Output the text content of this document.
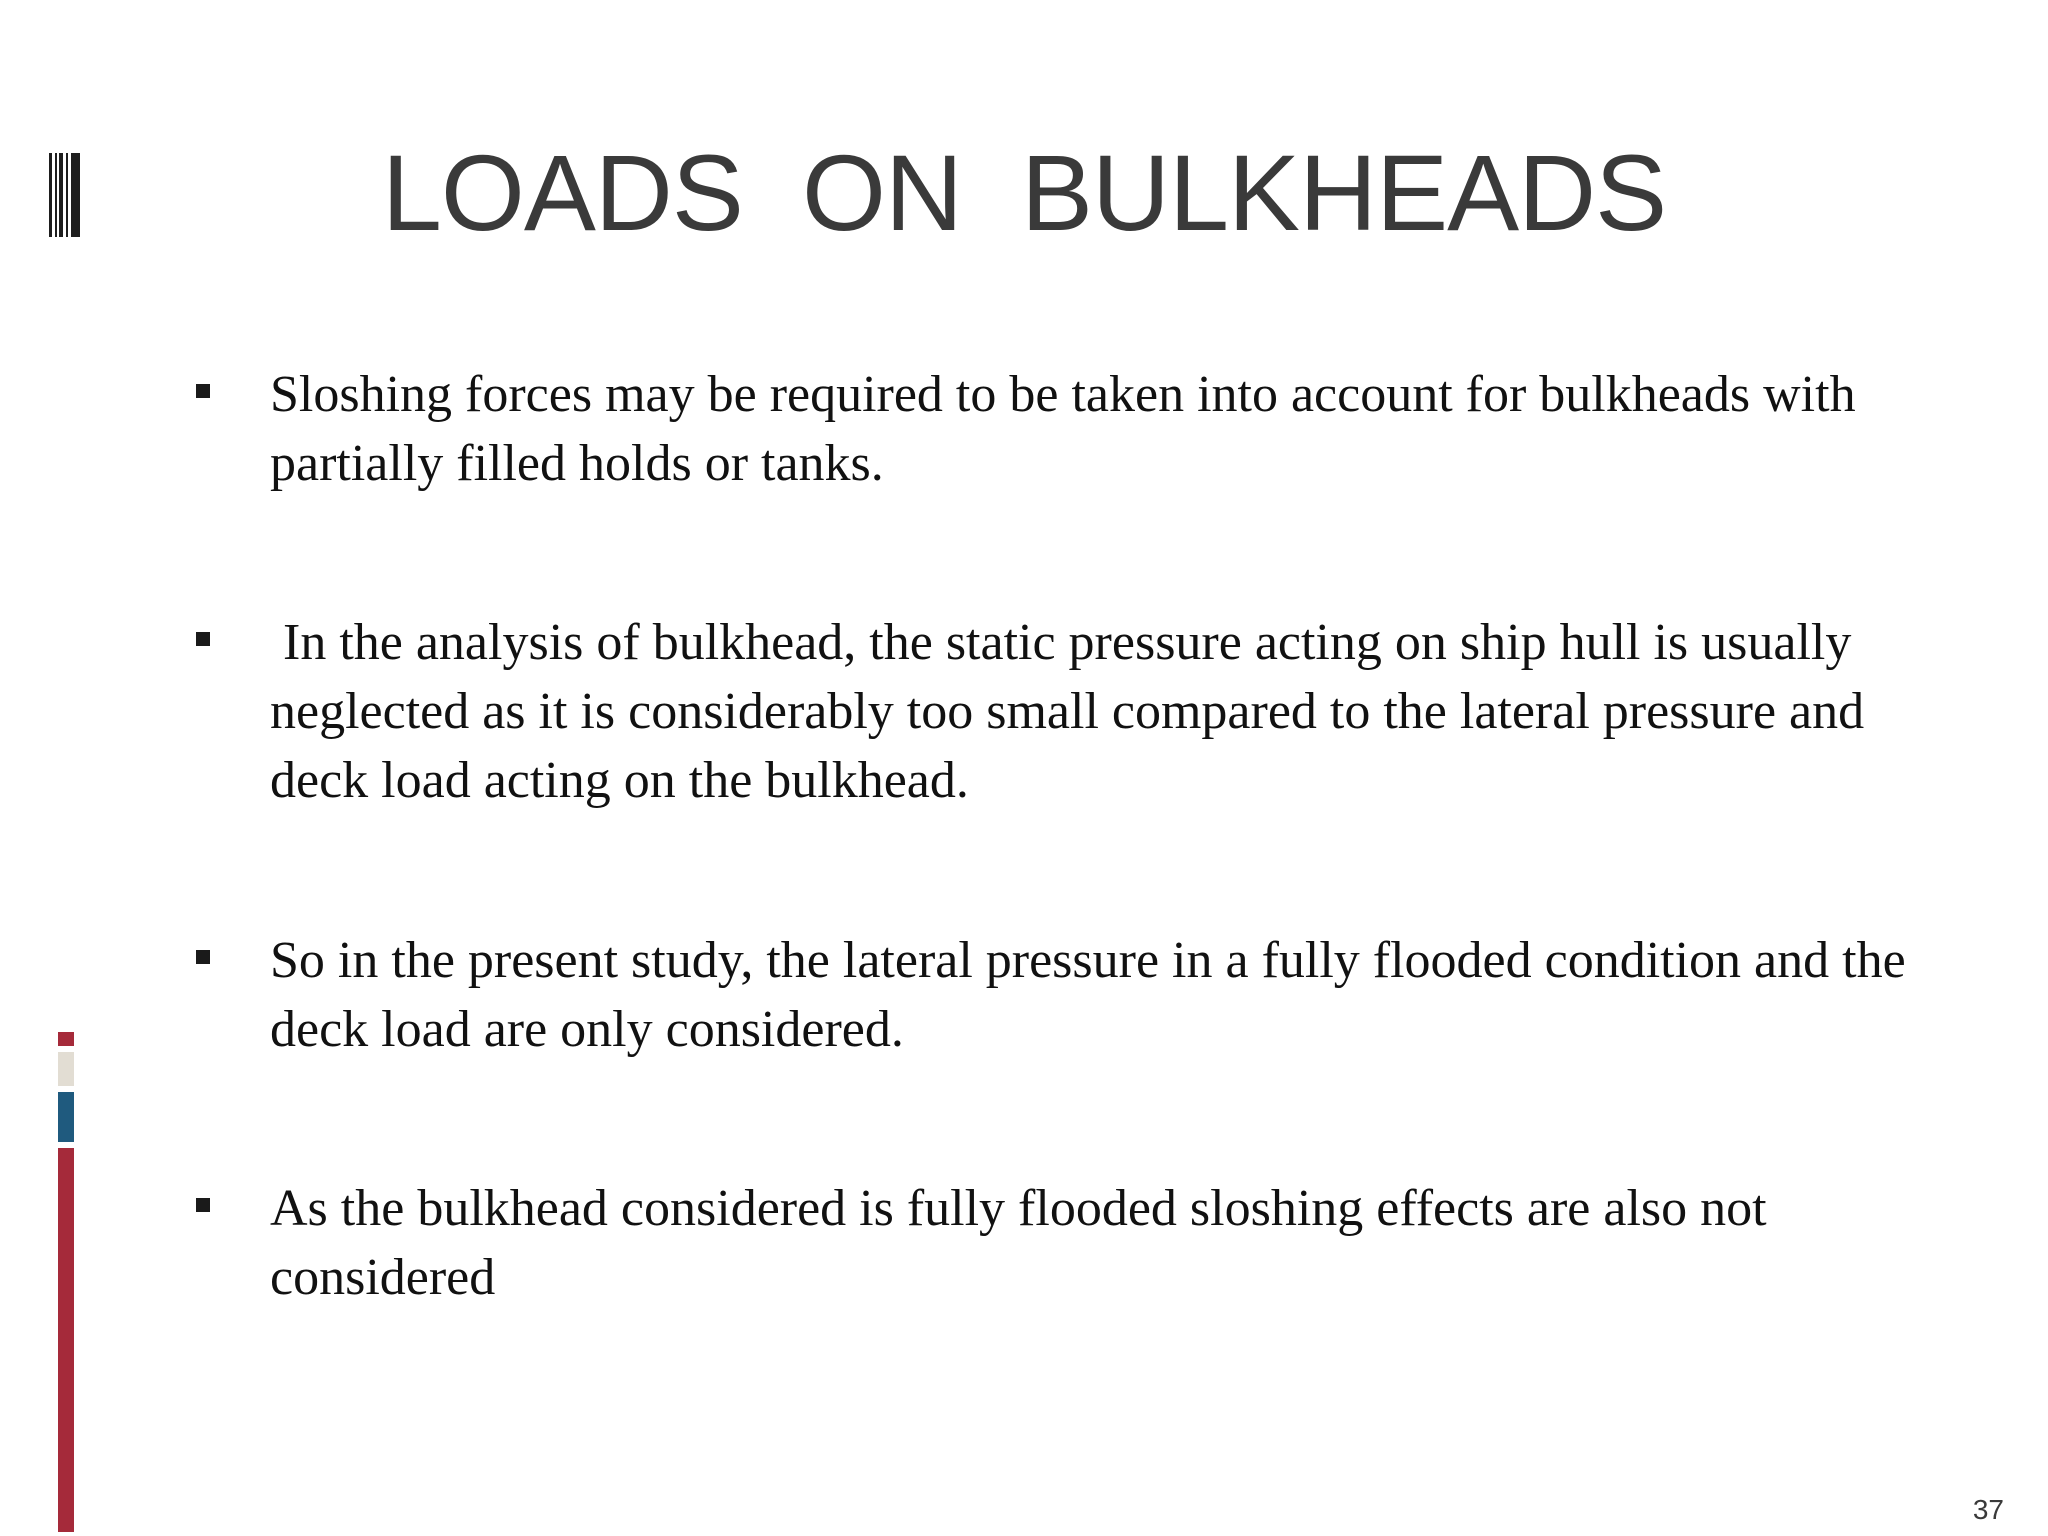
LOADS ON BULKHEADS
Sloshing forces may be required to be taken into account for bulkheads with partially filled holds or tanks.
In the analysis of bulkhead, the static pressure acting on ship hull is usually neglected as it is considerably too small compared to the lateral pressure and deck load acting on the bulkhead.
So in the present study, the lateral pressure in a fully flooded condition and the deck load are only considered.
As the bulkhead considered is fully flooded sloshing effects are also not considered
37
